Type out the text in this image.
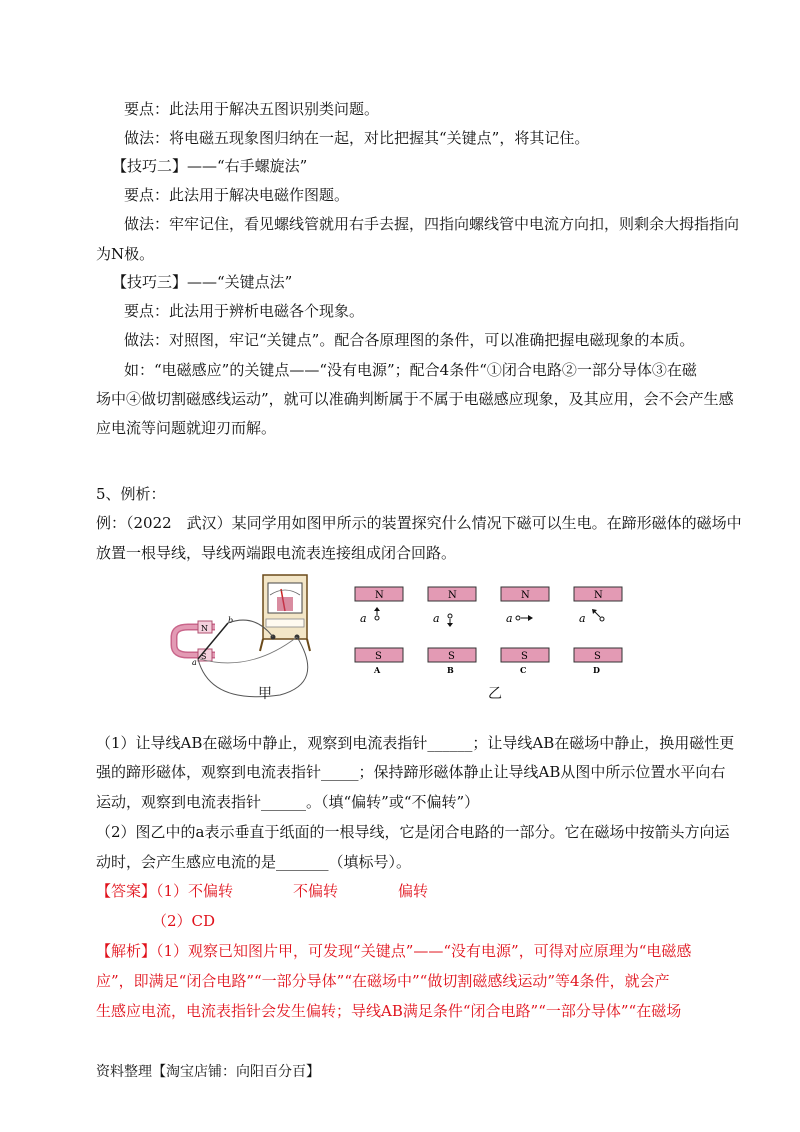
要点：此法用于解决五图识别类问题。
做法：将电磁五现象图归纳在一起，对比把握其“关键点”，将其记住。
【技巧二】——“右手螺旋法”
要点：此法用于解决电磁作图题。
做法：牢牢记住，看见螺线管就用右手去握，四指向螺线管中电流方向扣，则剩余大拇指指向
为N极。
【技巧三】——“关键点法”
要点：此法用于辨析电磁各个现象。
做法：对照图，牢记“关键点”。配合各原理图的条件，可以准确把握电磁现象的本质。
如：“电磁感应”的关键点——“没有电源”；配合4条件“①闭合电路②一部分导体③在磁
场中④做切割磁感线运动”，就可以准确判断属于不属于电磁感应现象，及其应用，会不会产生感
应电流等问题就迎刃而解。
5、例析：
例：（2022　武汉）某同学用如图甲所示的装置探究什么情况下磁可以生电。在蹄形磁体的磁场中
放置一根导线，导线两端跟电流表连接组成闭合回路。
N
S
a
b
N
a
S
A
N
a
S
B
N
a
S
C
N
a
S
D
甲	乙
（1）让导线AB在磁场中静止，观察到电流表指针______；让导线AB在磁场中静止，换用磁性更
强的蹄形磁体，观察到电流表指针_____；保持蹄形磁体静止让导线AB从图中所示位置水平向右
运动，观察到电流表指针______。（填“偏转”或“不偏转”）
（2）图乙中的a表示垂直于纸面的一根导线，它是闭合电路的一部分。它在磁场中按箭头方向运
动时，会产生感应电流的是_______（填标号）。
【答案】（1）不偏转　　　　不偏转　　　　偏转
（2）CD
【解析】（1）观察已知图片甲，可发现“关键点”——“没有电源”，可得对应原理为“电磁感
应”，即满足“闭合电路”“一部分导体”“在磁场中”“做切割磁感线运动”等4条件，就会产
生感应电流，电流表指针会发生偏转；导线AB满足条件“闭合电路”“一部分导体”“在磁场
资料整理【淘宝店铺：向阳百分百】
